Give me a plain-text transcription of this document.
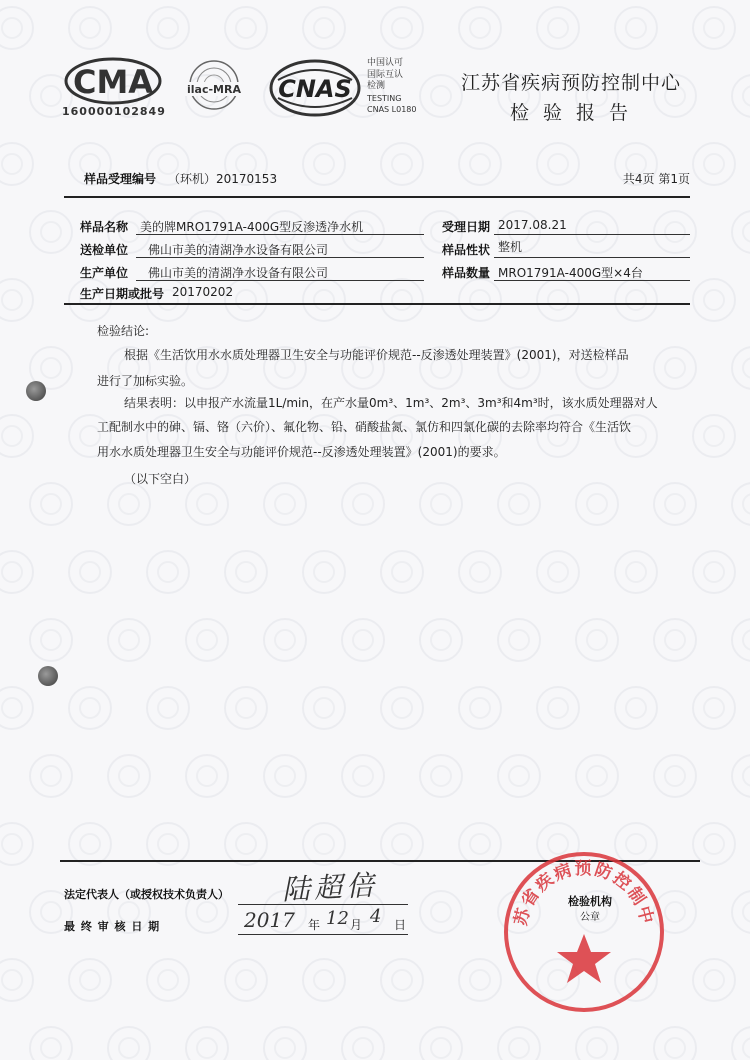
CMA
160000102849
ilac-MRA CNAS
中国认可
国际互认
检测
TESTING
CNAS L0180
江苏省疾病预防控制中心
检 验 报 告
样品受理编号 （环机）20170153	共4页 第1页
样品名称 美的牌MRO1791A-400G型反渗透净水机	受理日期 2017.08.21
送检单位 佛山市美的清湖净水设备有限公司	样品性状 整机
生产单位 佛山市美的清湖净水设备有限公司	样品数量 MRO1791A-400G型×4台
生产日期或批号 20170202
检验结论:
根据《生活饮用水水质处理器卫生安全与功能评价规范--反渗透处理装置》(2001)，对送检样品
进行了加标实验。
结果表明：以申报产水流量1L/min，在产水量0m³、1m³、2m³、3m³和4m³时，该水质处理器对人
工配制水中的砷、镉、铬（六价）、氟化物、铅、硝酸盐氮、氯仿和四氯化碳的去除率均符合《生活饮
用水水质处理器卫生安全与功能评价规范--反渗透处理装置》(2001)的要求。
（以下空白）
法定代表人（或授权技术负责人） 陆超倍
最 终 审 核 日 期	2017 年 12 月 4 日	苏省疾病预防控制中
检验机构
公章
